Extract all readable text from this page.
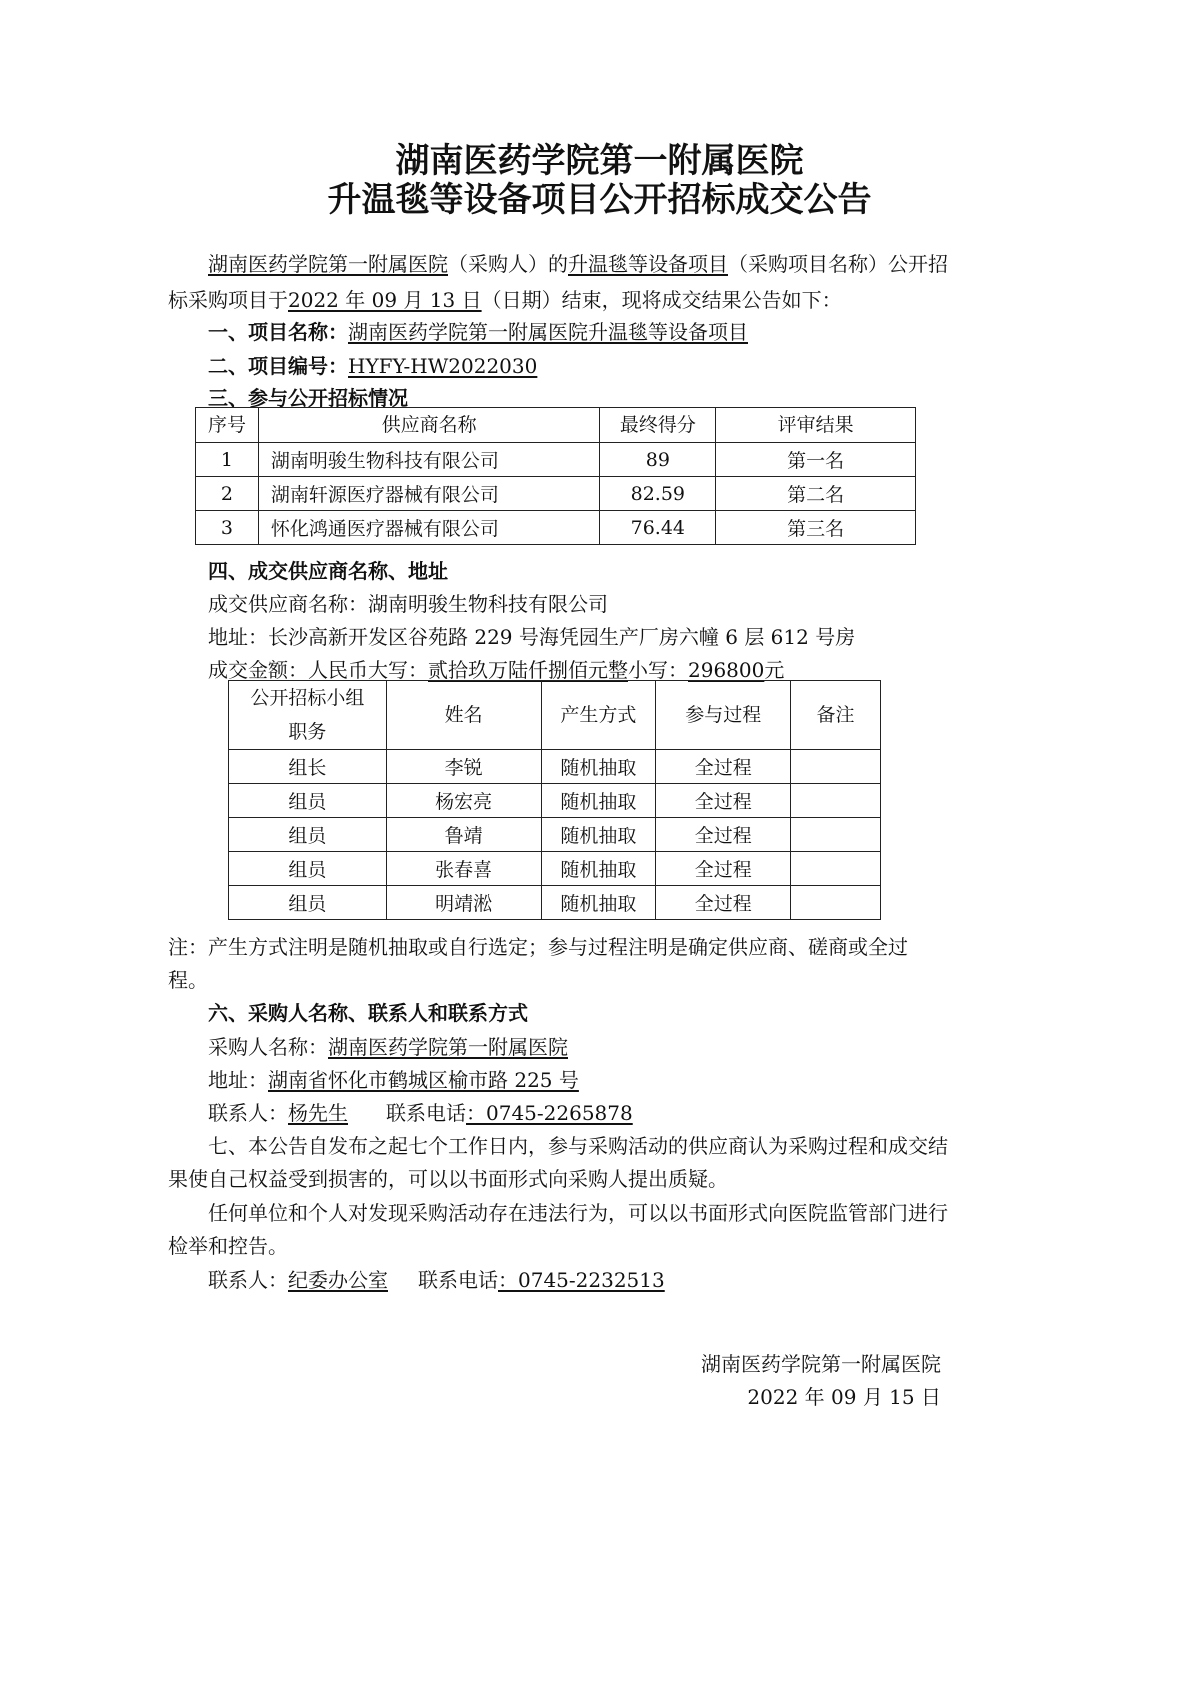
湖南医药学院第一附属医院
升温毯等设备项目公开招标成交公告
湖南医药学院第一附属医院（采购人）的升温毯等设备项目（采购项目名称）公开招
标采购项目于2022 年 09 月 13 日（日期）结束，现将成交结果公告如下：
一、项目名称：湖南医药学院第一附属医院升温毯等设备项目
二、项目编号：HYFY-HW2022030
三、参与公开招标情况
序号	供应商名称	最终得分	评审结果
1	湖南明骏生物科技有限公司	89	第一名
2	湖南轩源医疗器械有限公司	82.59	第二名
3	怀化鸿通医疗器械有限公司	76.44	第三名
四、成交供应商名称、地址
成交供应商名称：湖南明骏生物科技有限公司
地址：长沙高新开发区谷苑路 229 号海凭园生产厂房六幢 6 层 612 号房
成交金额：人民币大写：贰拾玖万陆仟捌佰元整小写：296800元
公开招标小组
职务	姓名	产生方式	参与过程	备注
组长	李锐	随机抽取	全过程	
组员	杨宏亮	随机抽取	全过程	
组员	鲁靖	随机抽取	全过程	
组员	张春喜	随机抽取	全过程	
组员	明靖淞	随机抽取	全过程	
注：产生方式注明是随机抽取或自行选定；参与过程注明是确定供应商、磋商或全过
程。
六、采购人名称、联系人和联系方式
采购人名称：湖南医药学院第一附属医院
地址：湖南省怀化市鹤城区榆市路 225 号
联系人：杨先生 联系电话：0745-2265878
七、本公告自发布之起七个工作日内，参与采购活动的供应商认为采购过程和成交结
果使自己权益受到损害的，可以以书面形式向采购人提出质疑。
任何单位和个人对发现采购活动存在违法行为，可以以书面形式向医院监管部门进行
检举和控告。
联系人：纪委办公室 联系电话：0745-2232513
湖南医药学院第一附属医院
2022 年 09 月 15 日
